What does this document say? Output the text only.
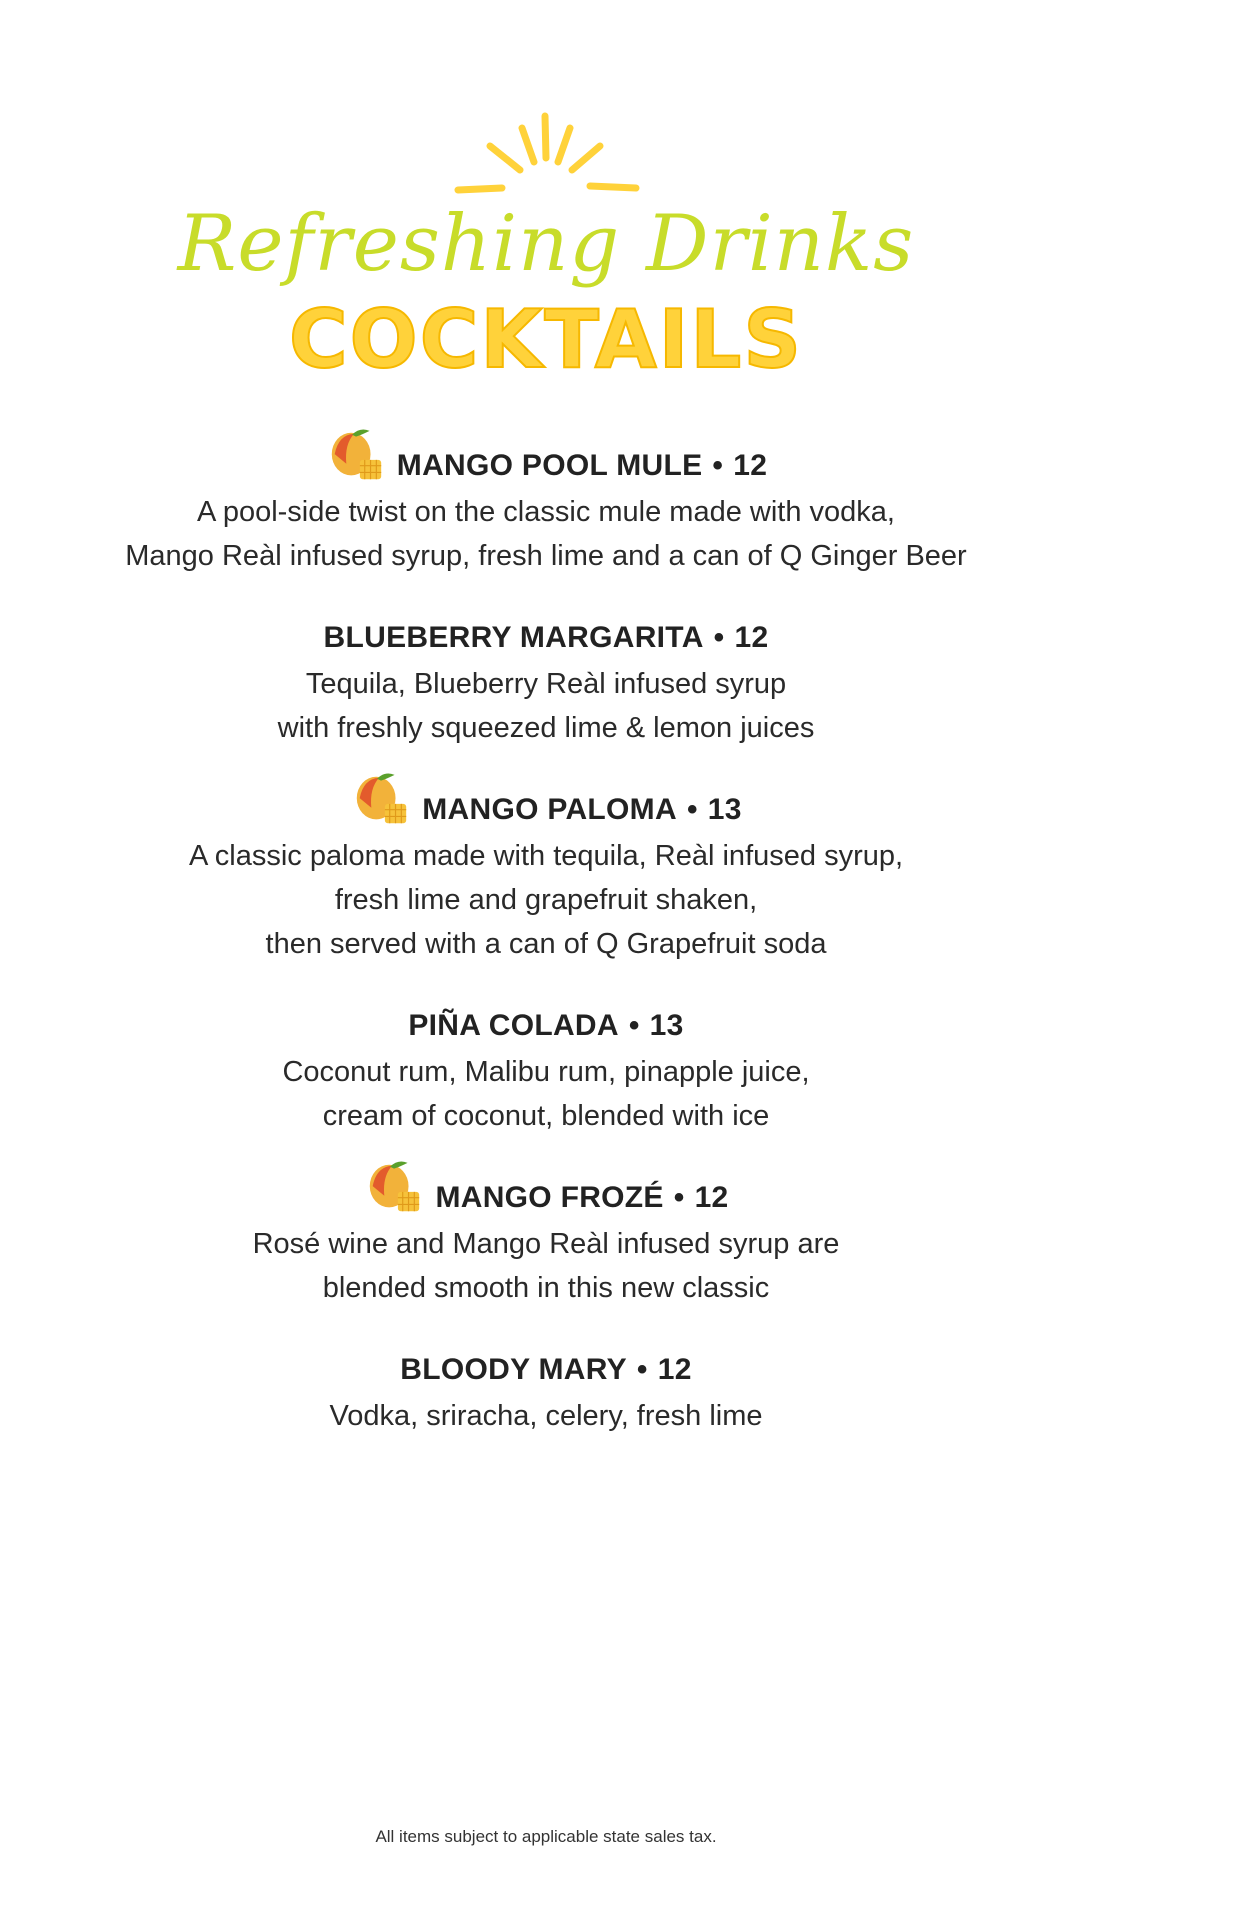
Refreshing Drinks
COCKTAILS
MANGO POOL MULE • 12
A pool-side twist on the classic mule made with vodka,
Mango Reàl infused syrup, fresh lime and a can of Q Ginger Beer
BLUEBERRY MARGARITA • 12
Tequila, Blueberry Reàl infused syrup
with freshly squeezed lime & lemon juices
MANGO PALOMA • 13
A classic paloma made with tequila, Reàl infused syrup,
fresh lime and grapefruit shaken,
then served with a can of Q Grapefruit soda
PIÑA COLADA • 13
Coconut rum, Malibu rum, pinapple juice,
cream of coconut, blended with ice
MANGO FROZÉ • 12
Rosé wine and Mango Reàl infused syrup are
blended smooth in this new classic
BLOODY MARY • 12
Vodka, sriracha, celery, fresh lime
All items subject to applicable state sales tax.
